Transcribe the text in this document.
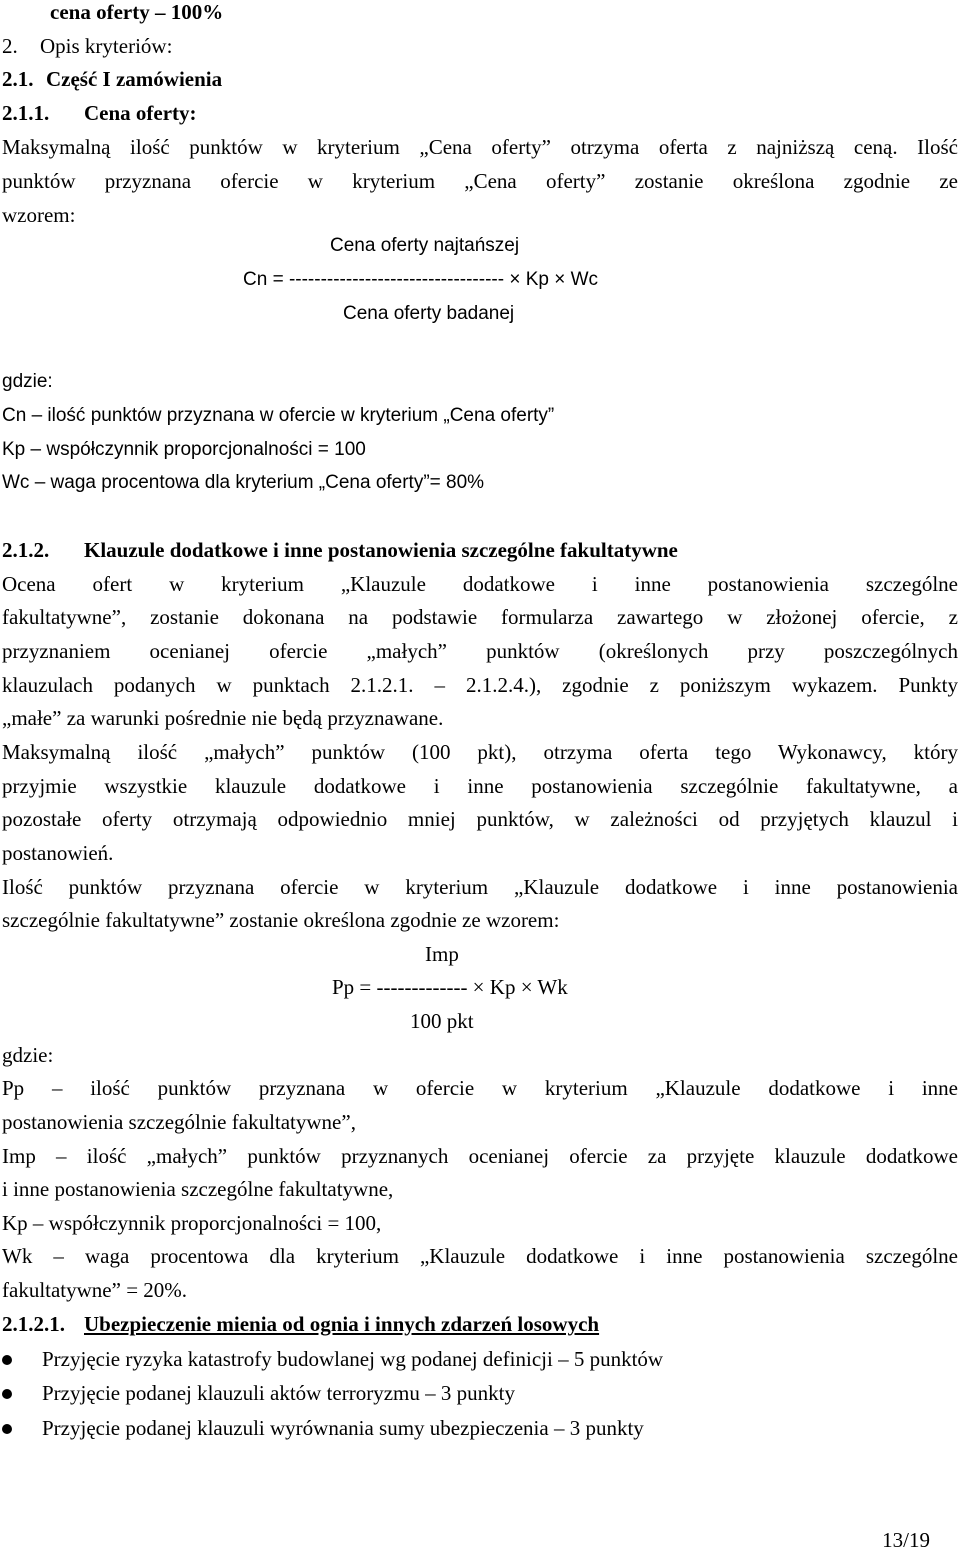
cena oferty – 100%
2. Opis kryteriów:
2.1. Część I zamówienia
2.1.1. Cena oferty:
Maksymalną ilość punktów w kryterium „Cena oferty” otrzyma oferta z najniższą ceną. Ilość
punktów przyznana ofercie w kryterium „Cena oferty” zostanie określona zgodnie ze
wzorem:
Cena oferty najtańszej
Cn = ---------------------------------- × Kp × Wc
Cena oferty badanej
gdzie:
Cn – ilość punktów przyznana w ofercie w kryterium „Cena oferty”
Kp – współczynnik proporcjonalności = 100
Wc – waga procentowa dla kryterium „Cena oferty”= 80%
2.1.2. Klauzule dodatkowe i inne postanowienia szczególne fakultatywne
Ocena ofert w kryterium „Klauzule dodatkowe i inne postanowienia szczególne
fakultatywne”, zostanie dokonana na podstawie formularza zawartego w złożonej ofercie, z
przyznaniem ocenianej ofercie „małych” punktów (określonych przy poszczególnych
klauzulach podanych w punktach 2.1.2.1. – 2.1.2.4.), zgodnie z poniższym wykazem. Punkty
„małe” za warunki pośrednie nie będą przyznawane.
Maksymalną ilość „małych” punktów (100 pkt), otrzyma oferta tego Wykonawcy, który
przyjmie wszystkie klauzule dodatkowe i inne postanowienia szczególnie fakultatywne, a
pozostałe oferty otrzymają odpowiednio mniej punktów, w zależności od przyjętych klauzul i
postanowień.
Ilość punktów przyznana ofercie w kryterium „Klauzule dodatkowe i inne postanowienia
szczególnie fakultatywne” zostanie określona zgodnie ze wzorem:
Imp
Pp = ------------- × Kp × Wk
100 pkt
gdzie:
Pp – ilość punktów przyznana w ofercie w kryterium „Klauzule dodatkowe i inne
postanowienia szczególnie fakultatywne”,
Imp – ilość „małych” punktów przyznanych ocenianej ofercie za przyjęte klauzule dodatkowe
i inne postanowienia szczególne fakultatywne,
Kp – współczynnik proporcjonalności = 100,
Wk – waga procentowa dla kryterium „Klauzule dodatkowe i inne postanowienia szczególne
fakultatywne” = 20%.
2.1.2.1. Ubezpieczenie mienia od ognia i innych zdarzeń losowych
Przyjęcie ryzyka katastrofy budowlanej wg podanej definicji – 5 punktów
Przyjęcie podanej klauzuli aktów terroryzmu – 3 punkty
Przyjęcie podanej klauzuli wyrównania sumy ubezpieczenia – 3 punkty
13/19
